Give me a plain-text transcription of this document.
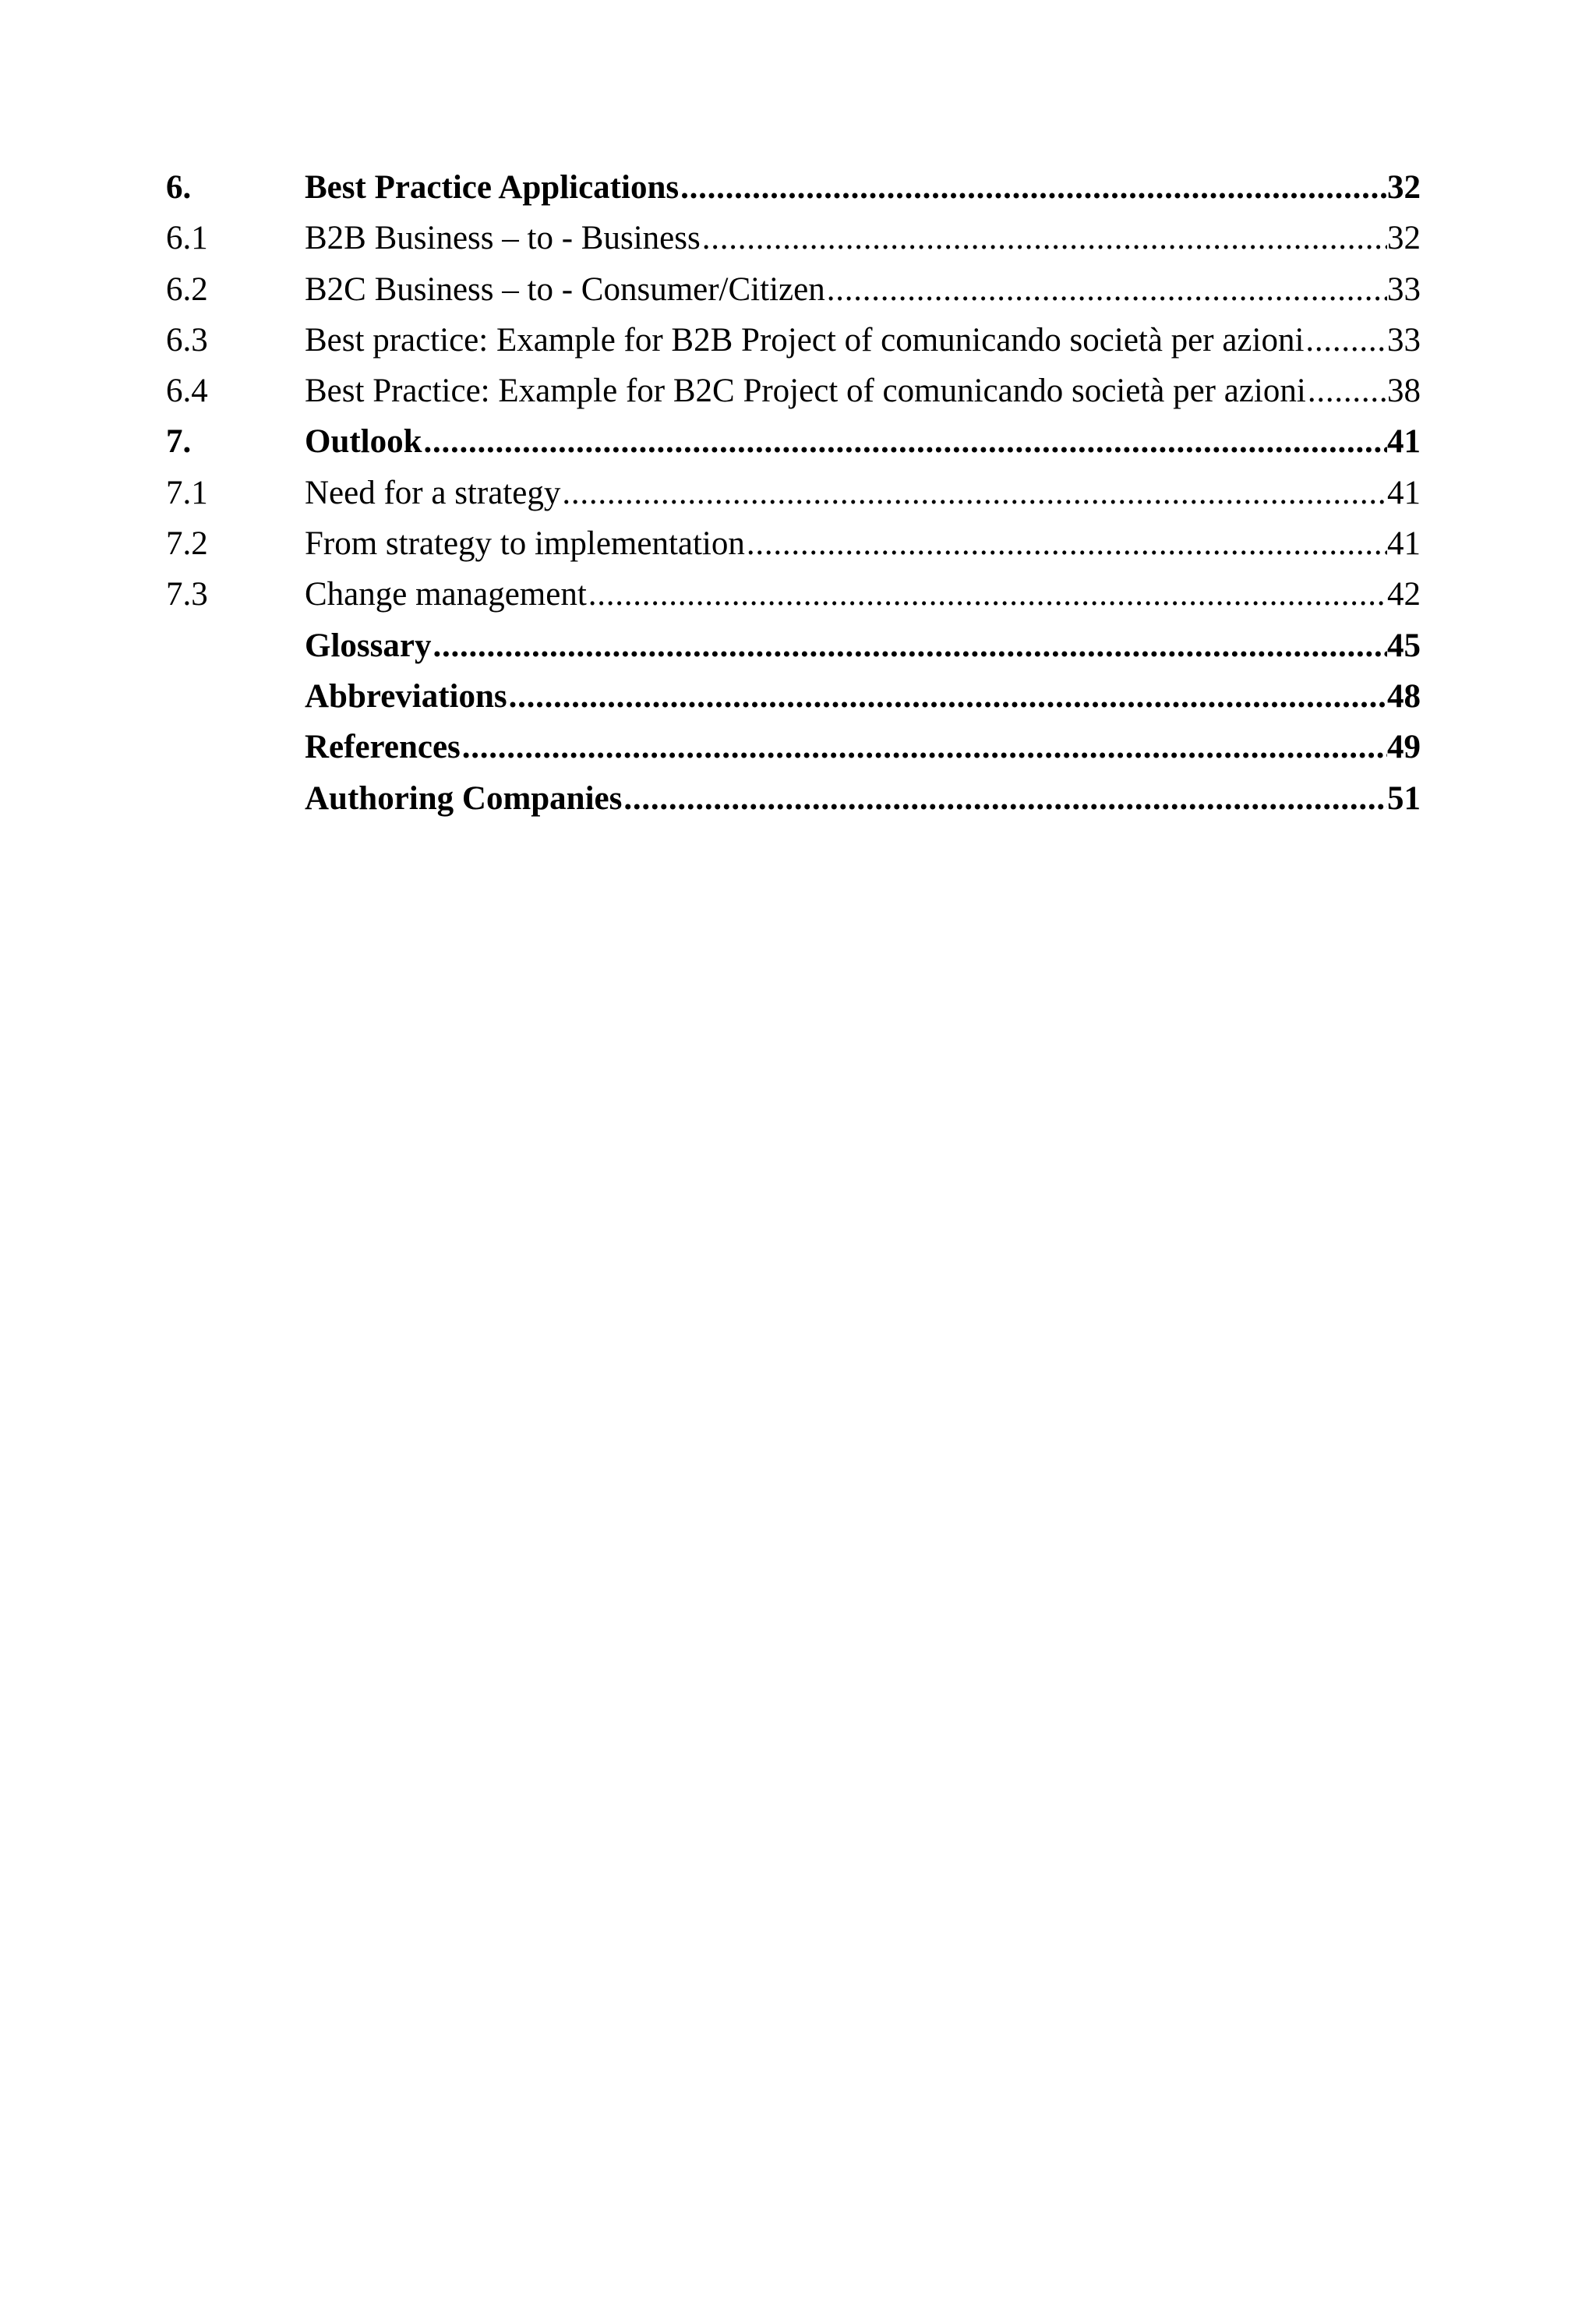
6.	Best Practice Applications . . .	32
6.1	B2B Business – to - Business . . .	32
6.2	B2C Business – to - Consumer/Citizen . . .	33
6.3	Best practice: Example for B2B Project of comunicando società per azioni . . . 33
6.4	Best Practice: Example for B2C Project of comunicando società per azioni . . . 38
7.	Outlook . . .	41
7.1	Need for a strategy . . .	41
7.2	From strategy to implementation . . .	41
7.3	Change management . . .	42
Glossary . . .	45
Abbreviations . . .	48
References . . .	49
Authoring Companies . . .	51
